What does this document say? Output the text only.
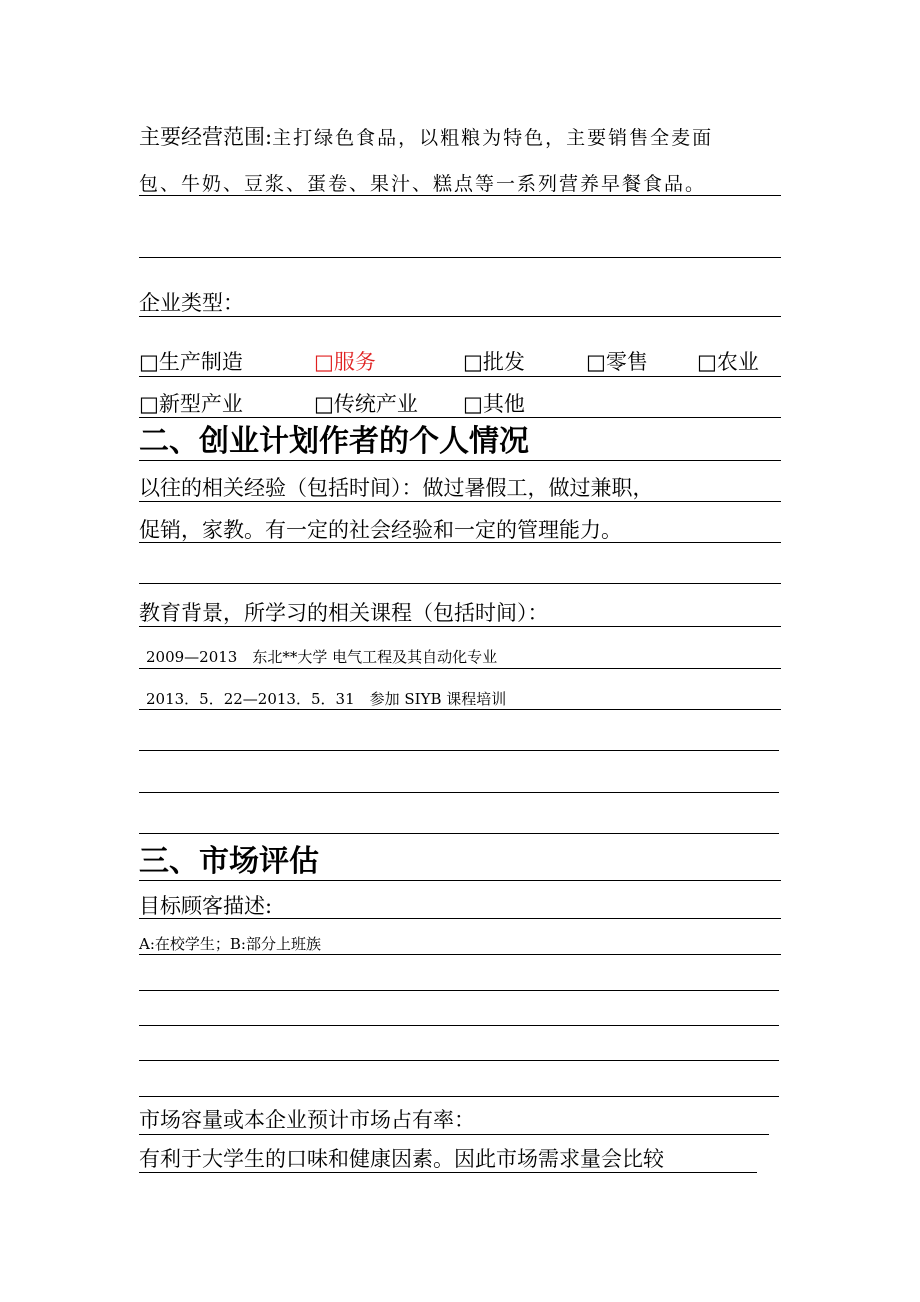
主要经营范围:主打绿色食品，以粗粮为特色，主要销售全麦面
包、牛奶、豆浆、蛋卷、果汁、糕点等一系列营养早餐食品。
企业类型：
□生产制造	□服务	□批发	□零售 □农业
□新型产业	□传统产业 □其他
二、创业计划作者的个人情况
以往的相关经验（包括时间）：做过暑假工，做过兼职，
促销，家教。有一定的社会经验和一定的管理能力。
教育背景，所学习的相关课程（包括时间）：
2009—2013　东北**大学 电气工程及其自动化专业
2013．5．22—2013．5．31　参加 SIYB 课程培训
三、市场评估
目标顾客描述:
A:在校学生；B:部分上班族
市场容量或本企业预计市场占有率：
有利于大学生的口味和健康因素。因此市场需求量会比较
